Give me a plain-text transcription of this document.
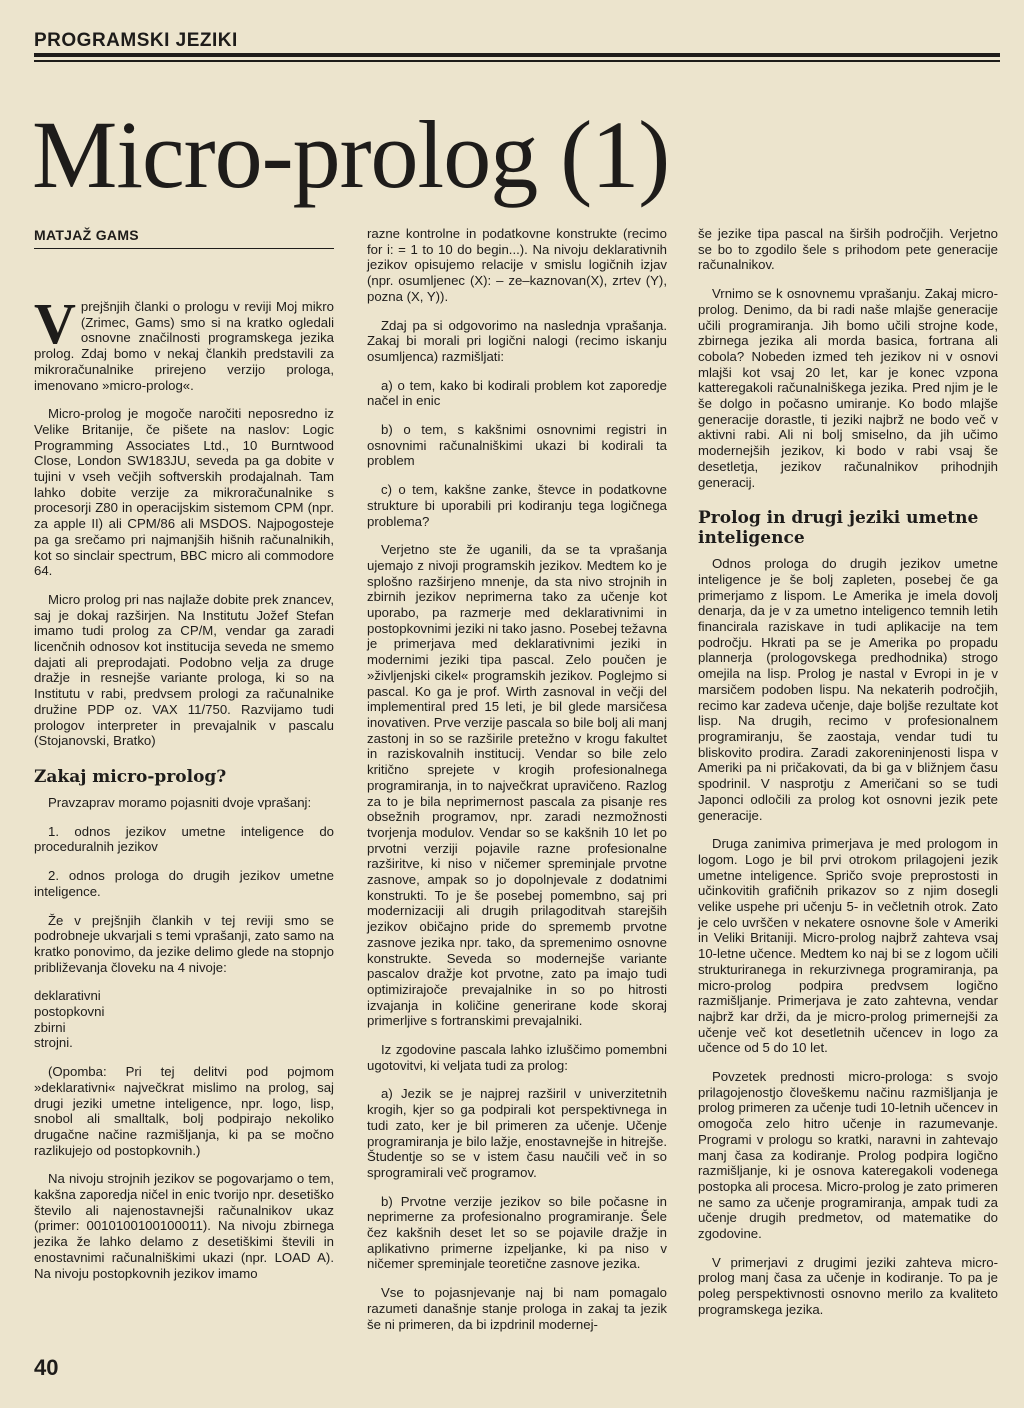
PROGRAMSKI JEZIKI
Micro-prolog (1)
MATJAŽ GAMS

Vprejšnjih članki o prologu v reviji Moj mikro (Zrimec, Gams) smo si na kratko ogledali osnovne značilnosti programskega jezika prolog. Zdaj bomo v nekaj člankih predstavili za mikroračunalnike prirejeno verzijo prologa, imenovano »micro-prolog«.

Micro-prolog je mogoče naročiti neposredno iz Velike Britanije, če pišete na naslov: Logic Programming Associates Ltd., 10 Burntwood Close, London SW183JU, seveda pa ga dobite v tujini v vseh večjih softverskih prodajalnah. Tam lahko dobite verzije za mikroračunalnike s procesorji Z80 in operacijskim sistemom CPM (npr. za apple II) ali CPM/86 ali MSDOS. Najpogosteje pa ga srečamo pri najmanjših hišnih računalnikih, kot so sinclair spectrum, BBC micro ali commodore 64.

Micro prolog pri nas najlaže dobite prek znancev, saj je dokaj razširjen. Na Institutu Jožef Stefan imamo tudi prolog za CP/M, vendar ga zaradi licenčnih odnosov kot institucija seveda ne smemo dajati ali preprodajati. Podobno velja za druge dražje in resnejše variante prologa, ki so na Institutu v rabi, predvsem prologi za računalnike družine PDP oz. VAX 11/750. Razvijamo tudi prologov interpreter in prevajalnik v pascalu (Stojanovski, Bratko)

Zakaj micro-prolog?

Pravzaprav moramo pojasniti dvoje vprašanj:

1. odnos jezikov umetne inteligence do proceduralnih jezikov

2. odnos prologa do drugih jezikov umetne inteligence.

Že v prejšnjih člankih v tej reviji smo se podrobneje ukvarjali s temi vprašanji, zato samo na kratko ponovimo, da jezike delimo glede na stopnjo približevanja človeku na 4 nivoje:

deklarativni
postopkovni
zbirni
strojni.

(Opomba: Pri tej delitvi pod pojmom »deklarativni« največkrat mislimo na prolog, saj drugi jeziki umetne inteligence, npr. logo, lisp, snobol ali smalltalk, bolj podpirajo nekoliko drugačne načine razmišljanja, ki pa se močno razlikujejo od postopkovnih.)

Na nivoju strojnih jezikov se pogovarjamo o tem, kakšna zaporedja ničel in enic tvorijo npr. desetiško število ali najenostavnejši računalnikov ukaz (primer: 0010100100100011). Na nivoju zbirnega jezika že lahko delamo z desetiškimi števili in enostavnimi računalniškimi ukazi (npr. LOAD A). Na nivoju postopkovnih jezikov imamo

razne kontrolne in podatkovne konstrukte (recimo for i: = 1 to 10 do begin...). Na nivoju deklarativnih jezikov opisujemo relacije v smislu logičnih izjav (npr. osumljenec (X): – ze–kaznovan(X), zrtev (Y), pozna (X, Y)).

Zdaj pa si odgovorimo na naslednja vprašanja. Zakaj bi morali pri logični nalogi (recimo iskanju osumljenca) razmišljati:

a) o tem, kako bi kodirali problem kot zaporedje načel in enic

b) o tem, s kakšnimi osnovnimi registri in osnovnimi računalniškimi ukazi bi kodirali ta problem

c) o tem, kakšne zanke, števce in podatkovne strukture bi uporabili pri kodiranju tega logičnega problema?

Verjetno ste že uganili, da se ta vprašanja ujemajo z nivoji programskih jezikov. Medtem ko je splošno razširjeno mnenje, da sta nivo strojnih in zbirnih jezikov neprimerna tako za učenje kot uporabo, pa razmerje med deklarativnimi in postopkovnimi jeziki ni tako jasno. Posebej težavna je primerjava med deklarativnimi jeziki in modernimi jeziki tipa pascal. Zelo poučen je »življenjski cikel« programskih jezikov. Poglejmo si pascal. Ko ga je prof. Wirth zasnoval in večji del implementiral pred 15 leti, je bil glede marsičesa inovativen. Prve verzije pascala so bile bolj ali manj zastonj in so se razširile pretežno v krogu fakultet in raziskovalnih institucij. Vendar so bile zelo kritično sprejete v krogih profesionalnega programiranja, in to največkrat upravičeno. Razlog za to je bila neprimernost pascala za pisanje res obsežnih programov, npr. zaradi nezmožnosti tvorjenja modulov. Vendar so se kakšnih 10 let po prvotni verziji pojavile razne profesionalne razširitve, ki niso v ničemer spreminjale prvotne zasnove, ampak so jo dopolnjevale z dodatnimi konstrukti. To je še posebej pomembno, saj pri modernizaciji ali drugih prilagoditvah starejših jezikov običajno pride do sprememb prvotne zasnove jezika npr. tako, da spremenimo osnovne konstrukte. Seveda so modernejše variante pascalov dražje kot prvotne, zato pa imajo tudi optimizirajoče prevajalnike in so po hitrosti izvajanja in količine generirane kode skoraj primerljive s fortranskimi prevajalniki.

Iz zgodovine pascala lahko izluščimo pomembni ugotovitvi, ki veljata tudi za prolog:

a) Jezik se je najprej razširil v univerzitetnih krogih, kjer so ga podpirali kot perspektivnega in tudi zato, ker je bil primeren za učenje. Učenje programiranja je bilo lažje, enostavnejše in hitrejše. Študentje so se v istem času naučili več in so sprogramirali več programov.

b) Prvotne verzije jezikov so bile počasne in neprimerne za profesionalno programiranje. Šele čez kakšnih deset let so se pojavile dražje in aplikativno primerne izpeljanke, ki pa niso v ničemer spreminjale teoretične zasnove jezika.

Vse to pojasnjevanje naj bi nam pomagalo razumeti današnje stanje prologa in zakaj ta jezik še ni primeren, da bi izpdrinil modernej-

še jezike tipa pascal na širših področjih. Verjetno se bo to zgodilo šele s prihodom pete generacije računalnikov.

Vrnimo se k osnovnemu vprašanju. Zakaj micro-prolog. Denimo, da bi radi naše mlajše generacije učili programiranja. Jih bomo učili strojne kode, zbirnega jezika ali morda basica, fortrana ali cobola? Nobeden izmed teh jezikov ni v osnovi mlajši kot vsaj 20 let, kar je konec vzpona katteregakoli računalniškega jezika. Pred njim je le še dolgo in počasno umiranje. Ko bodo mlajše generacije dorastle, ti jeziki najbrž ne bodo več v aktivni rabi. Ali ni bolj smiselno, da jih učimo modernejših jezikov, ki bodo v rabi vsaj še desetletja, jezikov računalnikov prihodnjih generacij.

Prolog in drugi jeziki umetne inteligence

Odnos prologa do drugih jezikov umetne inteligence je še bolj zapleten, posebej če ga primerjamo z lispom. Le Amerika je imela dovolj denarja, da je v za umetno inteligenco temnih letih financirala raziskave in tudi aplikacije na tem področju. Hkrati pa se je Amerika po propadu plannerja (prologovskega predhodnika) strogo omejila na lisp. Prolog je nastal v Evropi in je v marsičem podoben lispu. Na nekaterih področjih, recimo kar zadeva učenje, daje boljše rezultate kot lisp. Na drugih, recimo v profesionalnem programiranju, še zaostaja, vendar tudi tu bliskovito prodira. Zaradi zakoreninjenosti lispa v Ameriki pa ni pričakovati, da bi ga v bližnjem času spodrinil. V nasprotju z Američani so se tudi Japonci odločili za prolog kot osnovni jezik pete generacije.

Druga zanimiva primerjava je med prologom in logom. Logo je bil prvi otrokom prilagojeni jezik umetne inteligence. Spričo svoje preprostosti in učinkovitih grafičnih prikazov so z njim dosegli velike uspehe pri učenju 5- in večletnih otrok. Zato je celo uvrščen v nekatere osnovne šole v Ameriki in Veliki Britaniji. Micro-prolog najbrž zahteva vsaj 10-letne učence. Medtem ko naj bi se z logom učili strukturiranega in rekurzivnega programiranja, pa micro-prolog podpira predvsem logično razmišljanje. Primerjava je zato zahtevna, vendar najbrž kar drži, da je micro-prolog primernejši za učenje več kot desetletnih učencev in logo za učence od 5 do 10 let.

Povzetek prednosti micro-prologa: s svojo prilagojenostjo človeškemu načinu razmišljanja je prolog primeren za učenje tudi 10-letnih učencev in omogoča zelo hitro učenje in razumevanje. Programi v prologu so kratki, naravni in zahtevajo manj časa za kodiranje. Prolog podpira logično razmišljanje, ki je osnova kateregakoli vodenega postopka ali procesa. Micro-prolog je zato primeren ne samo za učenje programiranja, ampak tudi za učenje drugih predmetov, od matematike do zgodovine.

V primerjavi z drugimi jeziki zahteva micro-prolog manj časa za učenje in kodiranje. To pa je poleg perspektivnosti osnovno merilo za kvaliteto programskega jezika.

40
